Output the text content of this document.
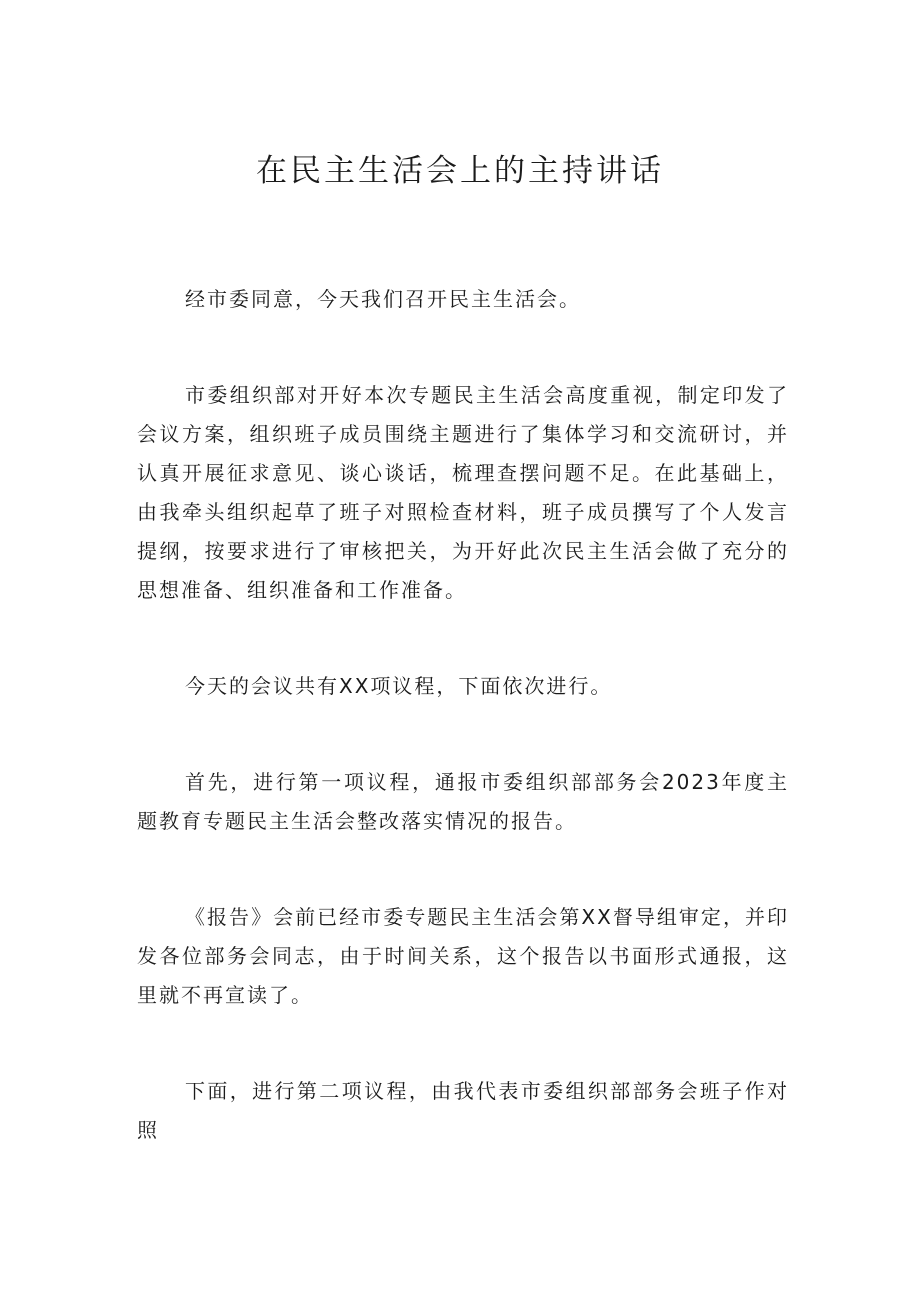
在民主生活会上的主持讲话

经市委同意，今天我们召开民主生活会。

市委组织部对开好本次专题民主生活会高度重视，制定印发了会议方案，组织班子成员围绕主题进行了集体学习和交流研讨，并认真开展征求意见、谈心谈话，梳理查摆问题不足。在此基础上，由我牵头组织起草了班子对照检查材料，班子成员撰写了个人发言提纲，按要求进行了审核把关，为开好此次民主生活会做了充分的思想准备、组织准备和工作准备。

今天的会议共有XX项议程，下面依次进行。

首先，进行第一项议程，通报市委组织部部务会2023年度主题教育专题民主生活会整改落实情况的报告。

《报告》会前已经市委专题民主生活会第XX督导组审定，并印发各位部务会同志，由于时间关系，这个报告以书面形式通报，这里就不再宣读了。

下面，进行第二项议程，由我代表市委组织部部务会班子作对照
